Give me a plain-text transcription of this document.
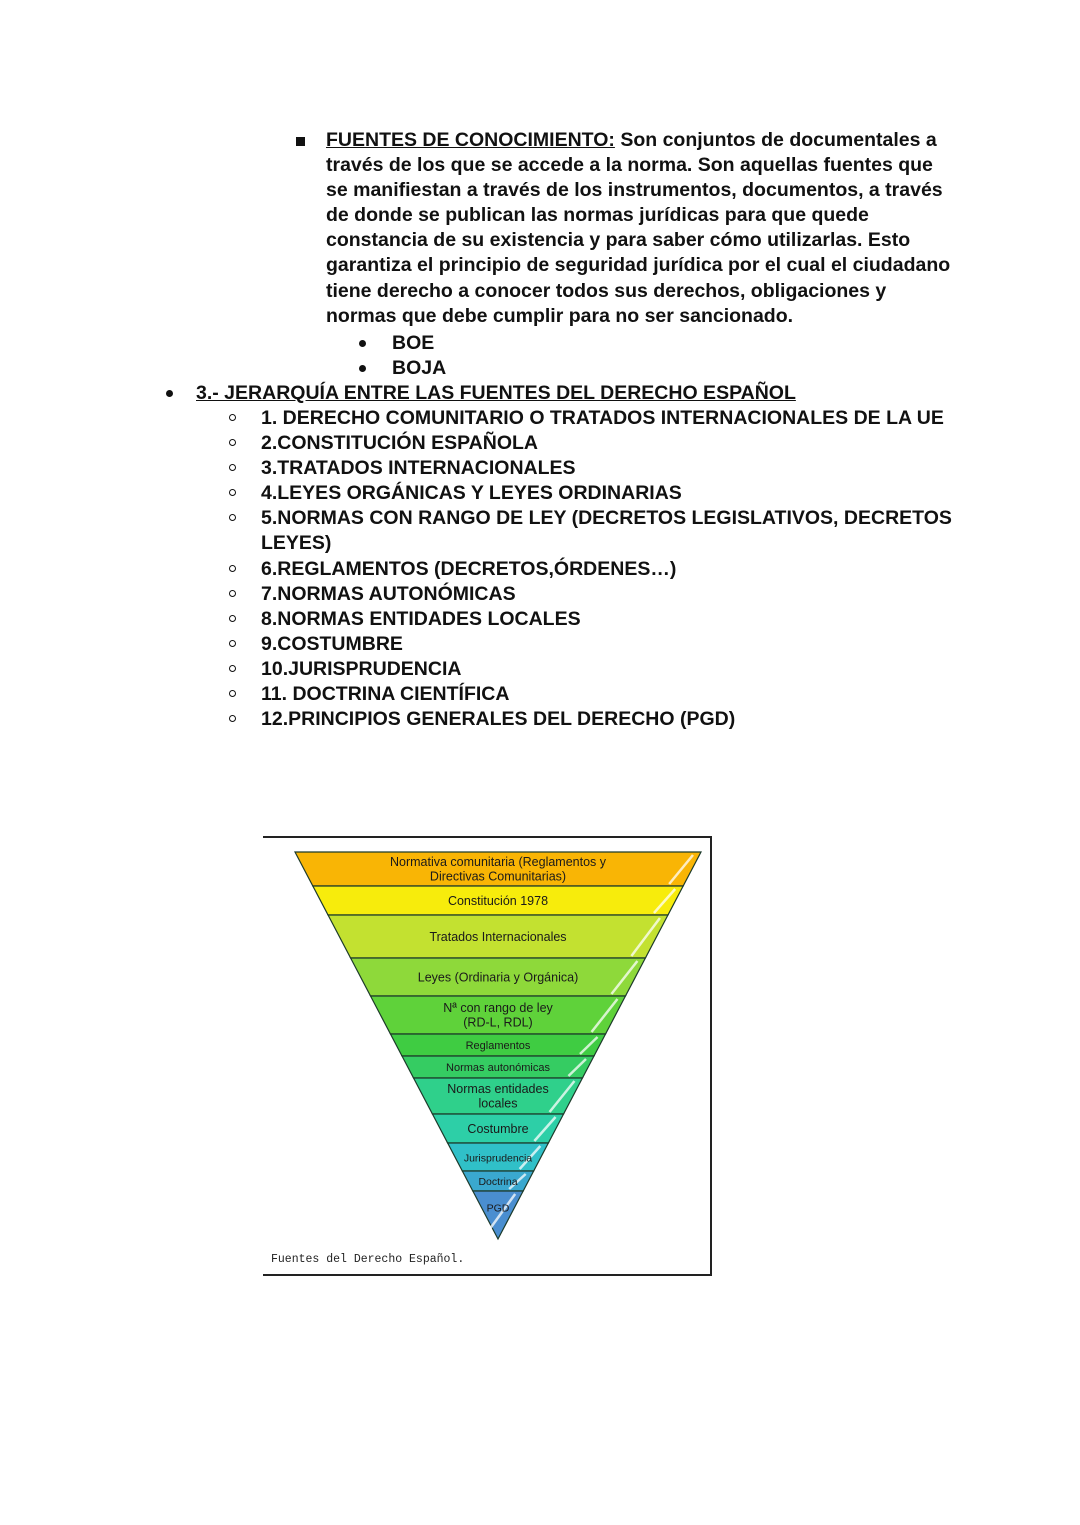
FUENTES DE CONOCIMIENTO: Son conjuntos de documentales a través de los que se accede a la norma. Son aquellas fuentes que se manifiestan a través de los instrumentos, documentos, a través de donde se publican las normas jurídicas para que quede constancia de su existencia y para saber cómo utilizarlas. Esto garantiza el principio de seguridad jurídica por el cual el ciudadano tiene derecho a conocer todos sus derechos, obligaciones y normas que debe cumplir para no ser sancionado.
BOE
BOJA
3.- JERARQUÍA ENTRE LAS FUENTES DEL DERECHO ESPAÑOL
1. DERECHO COMUNITARIO O TRATADOS INTERNACIONALES DE LA UE
2.CONSTITUCIÓN ESPAÑOLA
3.TRATADOS INTERNACIONALES
4.LEYES ORGÁNICAS Y LEYES ORDINARIAS
5.NORMAS CON RANGO DE LEY (DECRETOS LEGISLATIVOS, DECRETOS LEYES)
6.REGLAMENTOS (DECRETOS,ÓRDENES…)
7.NORMAS AUTONÓMICAS
8.NORMAS ENTIDADES LOCALES
9.COSTUMBRE
10.JURISPRUDENCIA
11. DOCTRINA CIENTÍFICA
12.PRINCIPIOS GENERALES DEL DERECHO (PGD)
Normativa comunitaria (Reglamentos y
Directivas Comunitarias)
Constitución 1978
Tratados Internacionales
Leyes (Ordinaria y Orgánica)
Nª con rango de ley
(RD-L, RDL)
Reglamentos
Normas autonómicas
Normas entidades
locales
Costumbre
Jurisprudencia
Doctrina
PGD
Fuentes del Derecho Español.
